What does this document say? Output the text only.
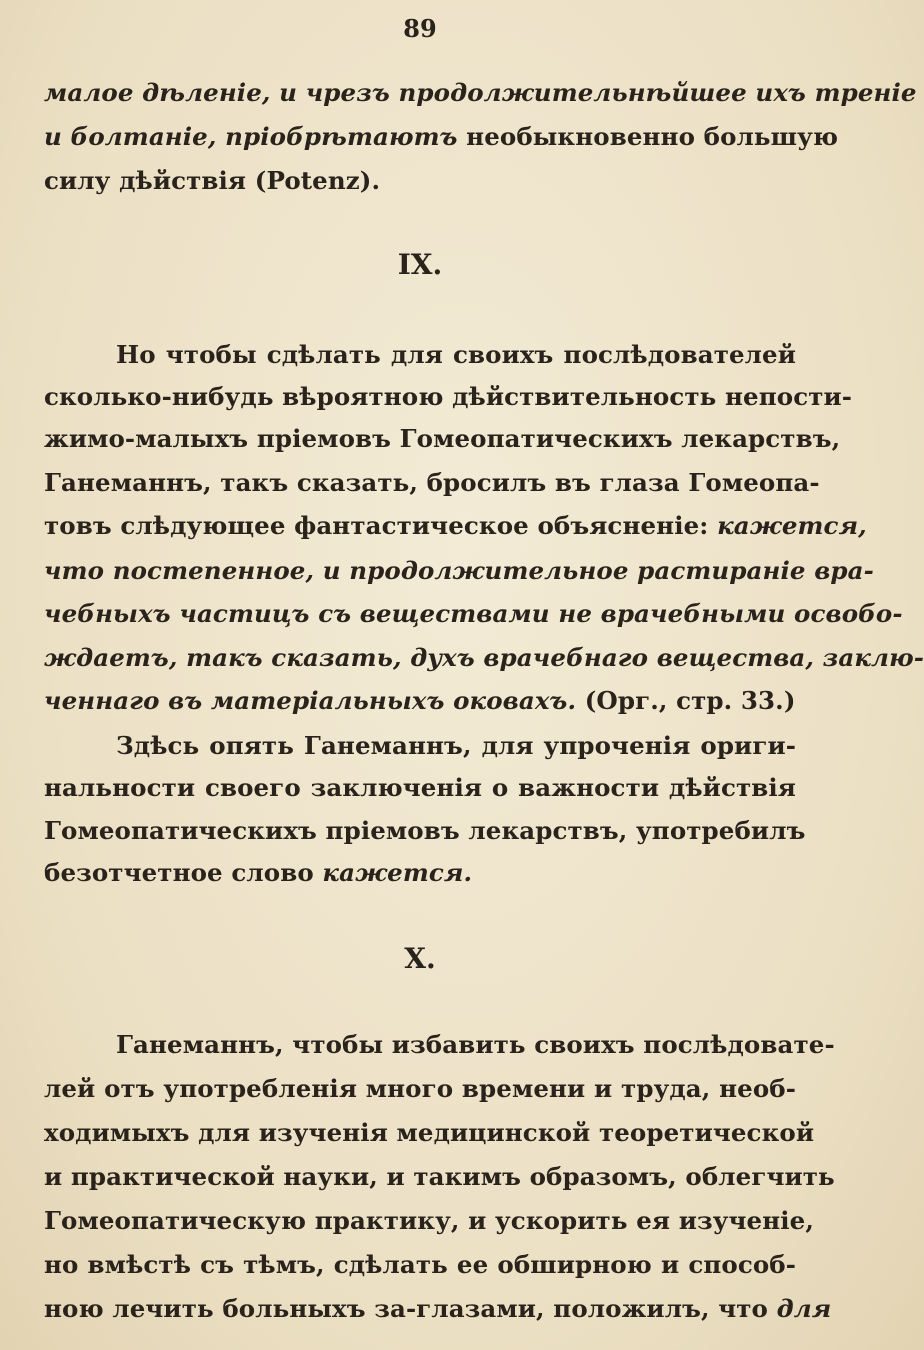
89
малое дѣленіе, и чрезъ продолжительнѣйшее ихъ треніе
и болтаніе, пріобрѣтаютъ необыкновенно большую
силу дѣйствія (Potenz).
IX.
Но чтобы сдѣлать для своихъ послѣдователей
сколько-нибудь вѣроятною дѣйствительность непости-
жимо-малыхъ пріемовъ Гомеопатическихъ лекарствъ,
Ганеманнъ, такъ сказать, бросилъ въ глаза Гомеопа-
товъ слѣдующее фантастическое объясненіе: кажется,
что постепенное, и продолжительное растираніе вра-
чебныхъ частицъ съ веществами не врачебными освобо-
ждаетъ, такъ сказать, духъ врачебнаго вещества, заклю-
ченнаго въ матеріальныхъ оковахъ. (Орг., стр. 33.)
Здѣсь опять Ганеманнъ, для упроченія ориги-
нальности своего заключенія о важности дѣйствія
Гомеопатическихъ пріемовъ лекарствъ, употребилъ
безотчетное слово кажется.
X.
Ганеманнъ, чтобы избавить своихъ послѣдовате-
лей отъ употребленія много времени и труда, необ-
ходимыхъ для изученія медицинской теоретической
и практической науки, и такимъ образомъ, облегчить
Гомеопатическую практику, и ускорить ея изученіе,
но вмѣстѣ съ тѣмъ, сдѣлать ее обширною и способ-
ною лечить больныхъ за-глазами, положилъ, что для
